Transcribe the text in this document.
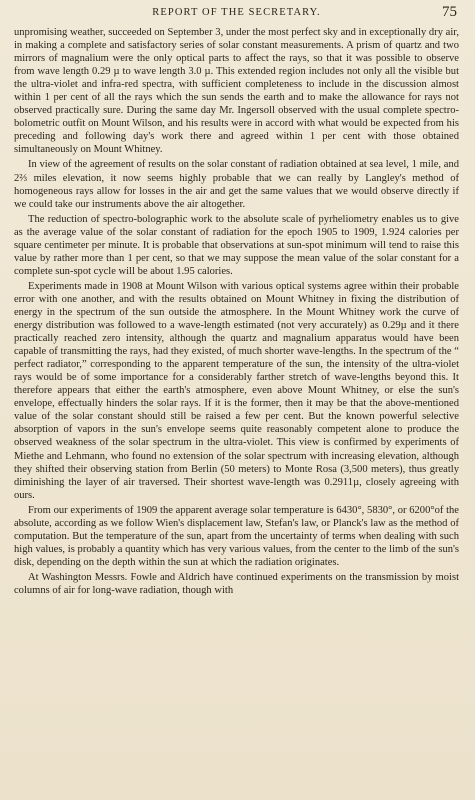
REPORT OF THE SECRETARY.	75

unpromising weather, succeeded on September 3, under the most perfect sky and in exceptionally dry air, in making a complete and satisfactory series of solar constant measurements. A prism of quartz and two mirrors of magnalium were the only optical parts to affect the rays, so that it was possible to observe from wave length 0.29 µ to wave length 3.0 µ. This extended region includes not only all the visible but the ultra-violet and infra-red spectra, with sufficient completeness to include in the discussion almost within 1 per cent of all the rays which the sun sends the earth and to make the allowance for rays not observed practically sure. During the same day Mr. Ingersoll observed with the usual complete spectro-bolometric outfit on Mount Wilson, and his results were in accord with what would be expected from his preceding and following day's work there and agreed within 1 per cent with those obtained simultaneously on Mount Whitney.

In view of the agreement of results on the solar constant of radiation obtained at sea level, 1 mile, and 2⅔ miles elevation, it now seems highly probable that we can really by Langley's method of homogeneous rays allow for losses in the air and get the same values that we would observe directly if we could take our instruments above the air altogether.

The reduction of spectro-bolographic work to the absolute scale of pyrheliometry enables us to give as the average value of the solar constant of radiation for the epoch 1905 to 1909, 1.924 calories per square centimeter per minute. It is probable that observations at sun-spot minimum will tend to raise this value by rather more than 1 per cent, so that we may suppose the mean value of the solar constant for a complete sun-spot cycle will be about 1.95 calories.

Experiments made in 1908 at Mount Wilson with various optical systems agree within their probable error with one another, and with the results obtained on Mount Whitney in fixing the distribution of energy in the spectrum of the sun outside the atmosphere. In the Mount Whitney work the curve of energy distribution was followed to a wave-length estimated (not very accurately) as 0.29µ and it there practically reached zero intensity, although the quartz and magnalium apparatus would have been capable of transmitting the rays, had they existed, of much shorter wave-lengths. In the spectrum of the “ perfect radiator,” corresponding to the apparent temperature of the sun, the intensity of the ultra-violet rays would be of some importance for a considerably farther stretch of wave-lengths beyond this. It therefore appears that either the earth's atmosphere, even above Mount Whitney, or else the sun's envelope, effectually hinders the solar rays. If it is the former, then it may be that the above-mentioned value of the solar constant should still be raised a few per cent. But the known powerful selective absorption of vapors in the sun's envelope seems quite reasonably competent alone to produce the observed weakness of the solar spectrum in the ultra-violet. This view is confirmed by experiments of Miethe and Lehmann, who found no extension of the solar spectrum with increasing elevation, although they shifted their observing station from Berlin (50 meters) to Monte Rosa (3,500 meters), thus greatly diminishing the layer of air traversed. Their shortest wave-length was 0.2911µ, closely agreeing with ours.

From our experiments of 1909 the apparent average solar temperature is 6430°, 5830°, or 6200°of the absolute, according as we follow Wien's displacement law, Stefan's law, or Planck's law as the method of computation. But the temperature of the sun, apart from the uncertainty of terms when dealing with such high values, is probably a quantity which has very various values, from the center to the limb of the sun's disk, depending on the depth within the sun at which the radiation originates.

At Washington Messrs. Fowle and Aldrich have continued experiments on the transmission by moist columns of air for long-wave radiation, though with
